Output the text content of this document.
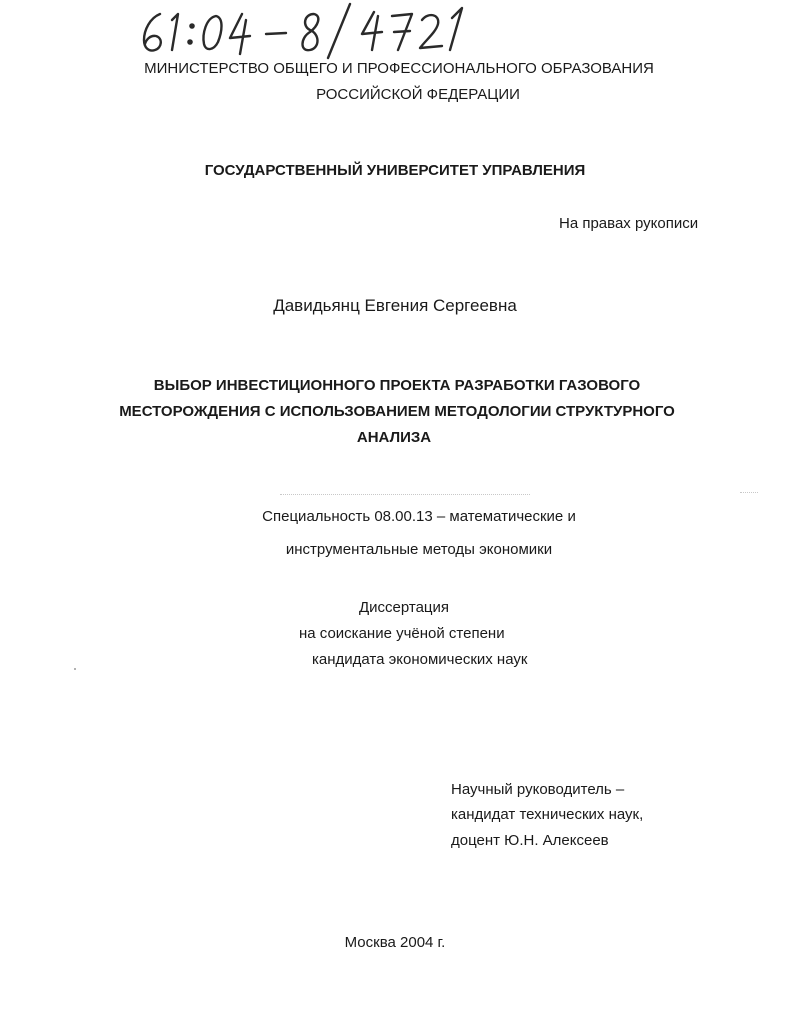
МИНИСТЕРСТВО ОБЩЕГО И ПРОФЕССИОНАЛЬНОГО ОБРАЗОВАНИЯ
РОССИЙСКОЙ ФЕДЕРАЦИИ
ГОСУДАРСТВЕННЫЙ УНИВЕРСИТЕТ УПРАВЛЕНИЯ
На правах рукописи
Давидьянц Евгения Сергеевна
ВЫБОР ИНВЕСТИЦИОННОГО ПРОЕКТА РАЗРАБОТКИ ГАЗОВОГО
МЕСТОРОЖДЕНИЯ С ИСПОЛЬЗОВАНИЕМ МЕТОДОЛОГИИ СТРУКТУРНОГО
АНАЛИЗА
Специальность 08.00.13 – математические и
инструментальные методы экономики
Диссертация
на соискание учёной степени
кандидата экономических наук
Научный руководитель –
кандидат технических наук,
доцент Ю.Н. Алексеев
Москва 2004 г.
